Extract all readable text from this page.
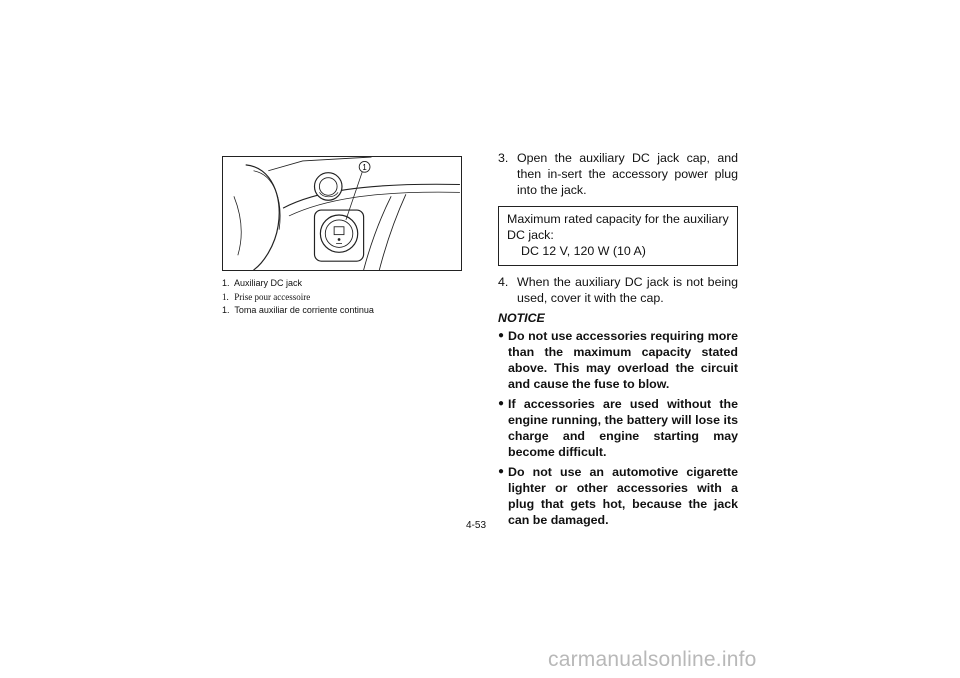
1
1. Auxiliary DC jack
1. Prise pour accessoire
1. Toma auxiliar de corriente continua
3. Open the auxiliary DC jack cap, and then in-sert the accessory power plug into the jack.
Maximum rated capacity for the auxiliary DC jack:
DC 12 V, 120 W (10 A)
4. When the auxiliary DC jack is not being used, cover it with the cap.
NOTICE
● Do not use accessories requiring more than the maximum capacity stated above. This may overload the circuit and cause the fuse to blow.
● If accessories are used without the engine running, the battery will lose its charge and engine starting may become difficult.
● Do not use an automotive cigarette lighter or other accessories with a plug that gets hot, because the jack can be damaged.
4-53
carmanualsonline.info
